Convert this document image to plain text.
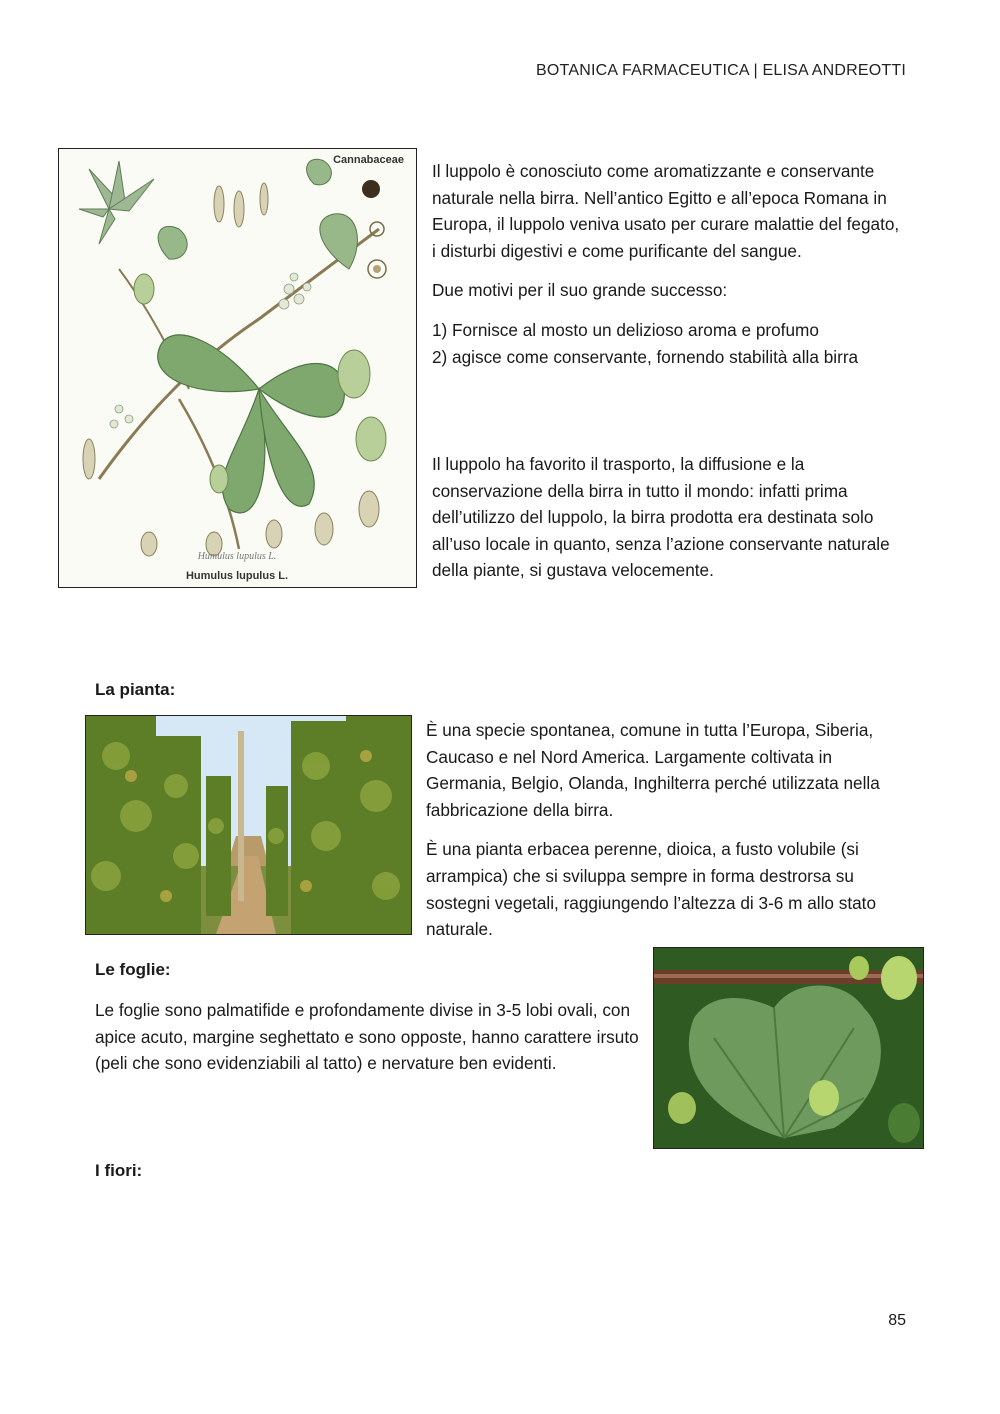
BOTANICA FARMACEUTICA | ELISA ANDREOTTI
Cannabaceae
Humulus lupulus L.
Humulus lupulus L.

Il luppolo è conosciuto come aromatizzante e conservante naturale nella birra. Nell’antico Egitto e all’epoca Romana in Europa, il luppolo veniva usato per curare malattie del fegato, i disturbi digestivi e come purificante del sangue.

Due motivi per il suo grande successo:

1) Fornisce al mosto un delizioso aroma e profumo
2) agisce come conservante, fornendo stabilità alla birra

Il luppolo ha favorito il trasporto, la diffusione e la conservazione della birra in tutto il mondo: infatti prima dell’utilizzo del luppolo, la birra prodotta era destinata solo all’uso locale in quanto, senza l’azione conservante naturale della piante, si gustava velocemente.

La pianta:

È una specie spontanea, comune in tutta l’Europa, Siberia, Caucaso e nel Nord America. Largamente coltivata in Germania, Belgio, Olanda, Inghilterra perché utilizzata nella fabbricazione della birra.

È una pianta erbacea perenne, dioica, a fusto volubile (si arrampica) che si sviluppa sempre in forma destrorsa su sostegni vegetali, raggiungendo l’altezza di 3-6 m allo stato naturale.

Le foglie:

Le foglie sono palmatifide e profondamente divise in 3-5 lobi ovali, con apice acuto, margine seghettato e sono opposte, hanno carattere irsuto (peli che sono evidenziabili al tatto) e nervature ben evidenti.

I fiori:
85
